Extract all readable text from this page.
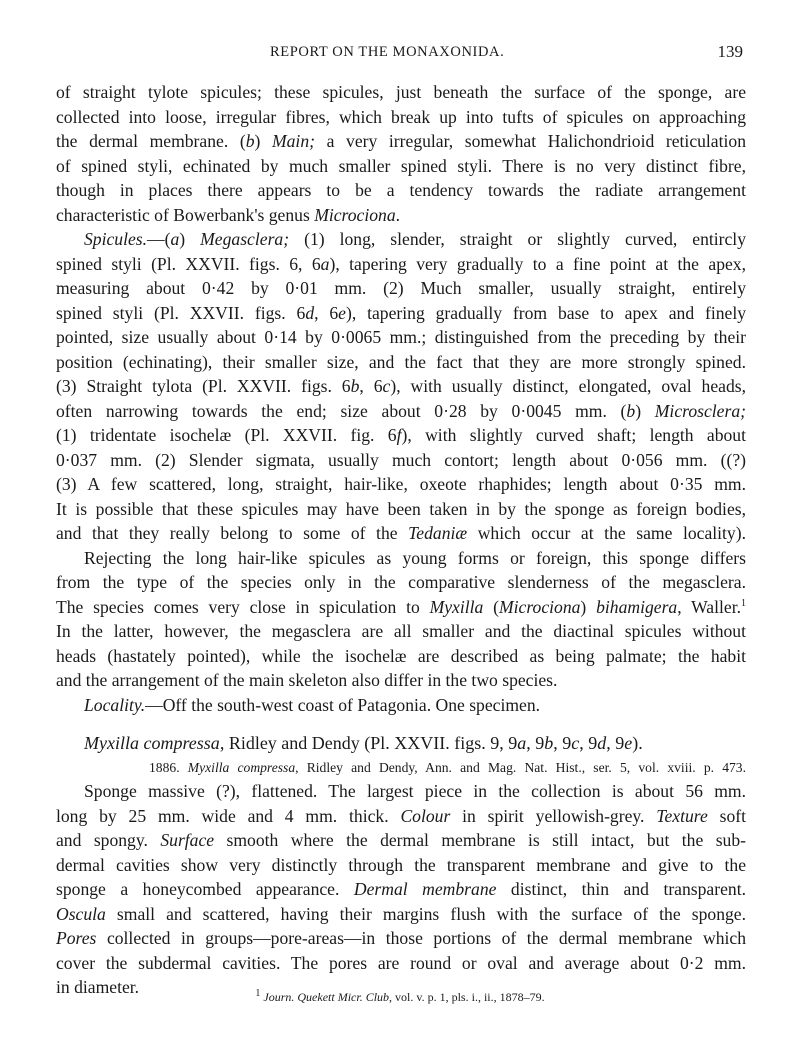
REPORT ON THE MONAXONIDA.	139
of straight tylote spicules; these spicules, just beneath the surface of the sponge, are
collected into loose, irregular fibres, which break up into tufts of spicules on approaching
the dermal membrane. (b) Main; a very irregular, somewhat Halichondrioid reticulation
of spined styli, echinated by much smaller spined styli. There is no very distinct fibre,
though in places there appears to be a tendency towards the radiate arrangement
characteristic of Bowerbank's genus Microciona.
Spicules.—(a) Megasclera; (1) long, slender, straight or slightly curved, entircly
spined styli (Pl. XXVII. figs. 6, 6a), tapering very gradually to a fine point at the apex,
measuring about 0·42 by 0·01 mm. (2) Much smaller, usually straight, entirely
spined styli (Pl. XXVII. figs. 6d, 6e), tapering gradually from base to apex and finely
pointed, size usually about 0·14 by 0·0065 mm.; distinguished from the preceding by their
position (echinating), their smaller size, and the fact that they are more strongly spined.
(3) Straight tylota (Pl. XXVII. figs. 6b, 6c), with usually distinct, elongated, oval heads,
often narrowing towards the end; size about 0·28 by 0·0045 mm. (b) Microsclera;
(1) tridentate isochelæ (Pl. XXVII. fig. 6f), with slightly curved shaft; length about
0·037 mm. (2) Slender sigmata, usually much contort; length about 0·056 mm. ((?)
(3) A few scattered, long, straight, hair-like, oxeote rhaphides; length about 0·35 mm.
It is possible that these spicules may have been taken in by the sponge as foreign bodies,
and that they really belong to some of the Tedaniæ which occur at the same locality).
Rejecting the long hair-like spicules as young forms or foreign, this sponge differs
from the type of the species only in the comparative slenderness of the megasclera.
The species comes very close in spiculation to Myxilla (Microciona) bihamigera, Waller.$^1$
In the latter, however, the megasclera are all smaller and the diactinal spicules without
heads (hastately pointed), while the isochelæ are described as being palmate; the habit
and the arrangement of the main skeleton also differ in the two species.
Locality.—Off the south-west coast of Patagonia. One specimen.
Myxilla compressa, Ridley and Dendy (Pl. XXVII. figs. 9, 9a, 9b, 9c, 9d, 9e).
1886. Myxilla compressa, Ridley and Dendy, Ann. and Mag. Nat. Hist., ser. 5, vol. xviii. p. 473.
Sponge massive (?), flattened. The largest piece in the collection is about 56 mm.
long by 25 mm. wide and 4 mm. thick. Colour in spirit yellowish-grey. Texture soft
and spongy. Surface smooth where the dermal membrane is still intact, but the sub-
dermal cavities show very distinctly through the transparent membrane and give to the
sponge a honeycombed appearance. Dermal membrane distinct, thin and transparent.
Oscula small and scattered, having their margins flush with the surface of the sponge.
Pores collected in groups—pore-areas—in those portions of the dermal membrane which
cover the subdermal cavities. The pores are round or oval and average about 0·2 mm.
in diameter.	$^1$ Journ. Quekett Micr. Club, vol. v. p. 1, pls. i., ii., 1878–79.
